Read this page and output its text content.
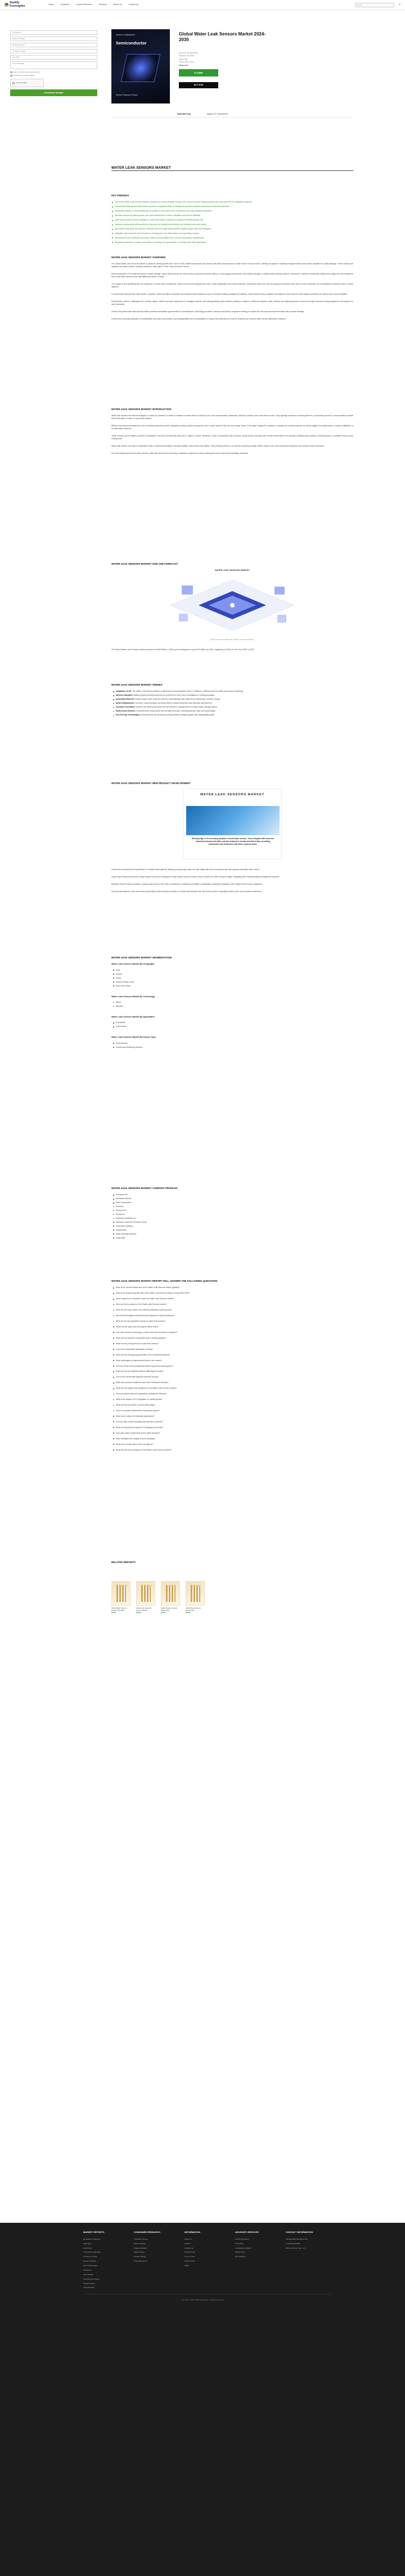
Stellify
Foresights	Home	Industries	Custom Research	Services	About Us	Contact Us	Search	⌕
Full Name*
Business Email*
Phone Number*
Company Name*
Job Title*
Your Message
I agree to the privacy policy and terms
I would like to receive updates
I'm not a robot
Download Sample
STELLIFY FORESIGHTS
Semiconductor
Market Research Report
Global Water Leak Sensors Market 2024-2030
Report ID: SF-SEM-1245
Published: Jan 2024
Pages: 180
Format: PDF / Excel
Single User
$ 3,850
BUY NOW
DESCRIPTION	TABLE OF CONTENTS
WATER LEAK SENSORS MARKET
KEY FINDINGS
The Global Water Leak Sensors Market is projected to expand steadily through 2030, driven by smart building adoption and insurance-led risk mitigation programs.
Commercial buildings and data centers represent a significant share of demand as operators prioritize protection of critical infrastructure.
Residential adoption is accelerating with the growth of connected home ecosystems and voice-assistant integration.
Wireless sensors are gaining share over wired variants due to easier installation and retrofit suitability.
North America leads current installations, while Asia Pacific is expected to register the fastest growth rate.
Insurance partnerships offering premium discounts for installed leak detection are boosting consumer uptake.
Spot sensors dominate unit volumes, whereas zone and cable-based systems capture higher value per installation.
Integration with automatic shut-off valves is emerging as a key differentiator among leading vendors.
Manufacturers are investing in low-power radios and long battery life to reduce maintenance requirements.
Regulatory emphasis on water conservation is creating new opportunities in municipal and utility applications.
WATER LEAK SENSORS MARKET OVERVIEW

The Global Water Leak Sensors Market is poised for steady growth from 2024 to 2030. Water leak sensors are devices that detect the presence of water where it should not be, alerting occupants or building managers before minor leaks escalate into costly damage. These sensors are installed near water heaters, washing machines, sinks, pipes, HVAC units and server rooms.

Rising awareness of the financial impact of water damage, which ranks among the most common property insurance claims, is encouraging homeowners and facility managers to deploy early-warning systems. Advances in wireless connectivity, battery technology and cloud platforms have made these devices more affordable and easier to install.

The market is also benefiting from the expansion of smart home ecosystems, where leak sensors integrate with hubs, mobile applications and voice assistants. Automated responses, such as closing a motorized valve when a leak is detected, are increasing the perceived value of these systems.

In commercial environments, data centers, hospitals, hotels and office complexes use networked leak detection as part of broader building management systems. Cable-based sensors capable of locating the exact point of a leak along a perimeter are widely used in these facilities.

Despite these drivers, challenges such as false alarms, limited consumer awareness in emerging markets, and interoperability issues between platforms continue to influence adoption rates. Vendors are addressing these concerns through improved sensing algorithms and support for open standards.

Overall, the global water leak sensors market presents substantial opportunities for manufacturers, technology providers, insurers and service companies seeking to reduce the economic and environmental costs of water damage.

Furthermore, growing emphasis on sustainability and water conservation is prompting utilities and municipalities to explore leak detection as a tool for reducing non-revenue water across distribution networks.

WATER LEAK SENSORS MARKET INTRODUCTION

Water leak sensors are devices designed to detect the presence of water or moisture in areas where it should not be, such as basements, bathrooms, kitchens, laundry rooms and server rooms. They typically consist of a sensing element, a processing unit and a communication module that sends alerts to users or connected systems.

Different sensing technologies are used, including conductive probes, capacitive sensing, optical sensing and rope or cable sensors that can cover larger areas. Once water bridges the contacts or changes the sensed property, the device triggers an audible alarm, a mobile notification or an automated response.

These sensors can be battery powered or hardwired, and they communicate using Wi-Fi, Zigbee, Z-Wave, Bluetooth, LoRa or proprietary radio protocols. Many modern products also monitor temperature and humidity, enabling early warning of freezing pipes or conditions that promote mold growth.

Water leak sensors are used in residential homes, commercial buildings, industrial facilities, data centers and utilities. Their primary purpose is to minimize property damage, reduce repair costs, prevent business disruption and conserve water resources.

As connectivity improves and prices decline, water leak sensors are becoming a standard component of smart building and home automation strategies worldwide.

WATER LEAK SENSORS MARKET SIZE AND FORECAST
WATER LEAK SENSORS MARKET
Water Leak Sensors Market Size, Share, Trends and Forecast

The Global Water Leak Sensors market accounted for $XX Billion in 2023 and is anticipated to reach $XX Billion by 2030, registering a CAGR of XX% from 2024 to 2030.

WATER LEAK SENSORS MARKET TRENDS
Integration of IoT: The Water Leak Sensors Market is witnessing strong integration with IoT platforms, enabling real-time alerts and remote monitoring.
Wireless Adoption: Battery-powered wireless sensors are preferred for their ease of installation in existing buildings.
Automated Shut-off: Pairing sensors with motorized valves to automatically stop water flow is becoming a common feature.
Smart Infrastructure: Growth in smart buildings and smart cities is driving networked leak detection deployments.
Insurance Incentives: Insurers are offering discounts and free devices to policyholders to reduce water damage claims.
Multi-sensor Devices: Combined leak, temperature and humidity sensing is increasing device value and functionality.
Eco Friendly Technologies: Manufacturers are developing energy-efficient designs aligned with sustainability goals.
WATER LEAK SENSORS MARKET NEW PRODUCT DEVELOPMENT
WATER LEAK SENSORS MARKET
Winning Edge is the increasing adoption of smart water sensors. These integrate with home and industrial networks and utilize real-time analysis to monitor and detect leaks, providing homeowners and businesses with faster response times.

LeakTronics introduced the AquaSentry Pro wireless leak detector, featuring a long-range radio, ten-year battery life and a companion app that supports automatic valve control.

HydroGuard Systems launched a cable-based zone sensor designed for data centers that can locate a leak to within one meter along its length, integrating with existing building management systems.

Bluwater Smart Products unveiled a compact spot sensor with built-in temperature monitoring and Matter compatibility, simplifying integration with multiple smart home ecosystems.

Several manufacturers have announced partnerships with insurance providers to bundle leak detection kits with home policies, expanding market reach and consumer awareness.

WATER LEAK SENSORS MARKET SEGMENTATION
Water Leak Sensors Market By Geography
USA
Europe
China
Asia Excluding China
Rest of the World
Water Leak Sensors Market By Technology
Wired
Wireless
Water Leak Sensors Market By Application
Residential
Commercial
Water Leak Sensors Market By Sensor Type
Point Sensors
Continuous Monitoring Sensors
WATER LEAK SENSORS MARKET COMPANY PROFILES
Honeywell Inc.
Schneider Electric
Eaton Corporation
Emerson
Siemens AG
Pentair plc
Hydrotech Systems, Inc.
Waxman Consumer Products Group
Flood Alert Systems
Aquamonitor
Water Warning Systems
LeakSmart
WATER LEAK SENSORS MARKET REPORT WILL ANSWER THE FOLLOWING QUESTIONS
What is the current market size of the Water Leak Sensors market globally?
What is the projected growth rate of the Water Leak Sensors market during 2024-2030?
Which regions are expected to lead the Water Leak Sensors market?
Who are the key players in the Water Leak Sensors market?
What are the major drivers and restraints affecting market growth?
How are technological advancements shaping the market landscape?
What are the key application areas for water leak sensors?
Which sensor types hold the largest market share?
How does wireless technology compare with wired solutions in adoption?
What role do insurance companies play in driving adoption?
What are the pricing trends for water leak sensors?
How is the competitive landscape evolving?
What are the emerging opportunities in the residential segment?
What challenges do manufacturers face in the market?
How are smart home ecosystems influencing product development?
What are the key regulatory factors affecting the market?
How is the commercial segment expected to grow?
What new product innovations have been introduced recently?
What are the supply chain dynamics in the Water Leak Sensors market?
How are partnerships and acquisitions shaping the industry?
What is the impact of IoT integration on market growth?
What are the key trends in sensor technology?
How do consumer preferences vary across regions?
What is the outlook for industrial applications?
How are data centers adopting leak detection solutions?
What are the growth prospects in emerging economies?
How does water conservation policy affect demand?
What strategies are leading vendors adopting?
What is the market share of the top players?
What are the future prospects of the Water Leak Sensors market?
RELATED REPORTS
Global Water Sensors Market 2024-2030
$3,850
Global Leak Detection Systems Market
$3,850
Global Moisture Sensor Market 2024
$3,850
Global Flood Sensors Market 2024
$3,850
MARKET REPORTS
Aerospace & Defense
Agriculture
Automotive
Chemicals & Materials
Consumer Goods
Energy & Power
Food & Beverages
Healthcare
ICT & Media
Industrial Automation
Semiconductor
Transportation
CONSUMER RESEARCH
Consumer Survey
Brand Tracking
Usage & Attitude
Market Sizing
Product Testing
Pricing Research
INFORMATION
About Us
Careers
Contact Us
Privacy Policy
Terms of Use
Refund Policy
FAQs
ADVISORY SERVICES
Custom Research
Consulting
Competitive Analysis
Market Entry
Due Diligence
CONTACT INFORMATION
sales@stellifyforesights.com
+1 (000) 000-0000
Working Hours: Mon - Fri
Copyright © 2024 Stellify Foresights. All Rights Reserved.
